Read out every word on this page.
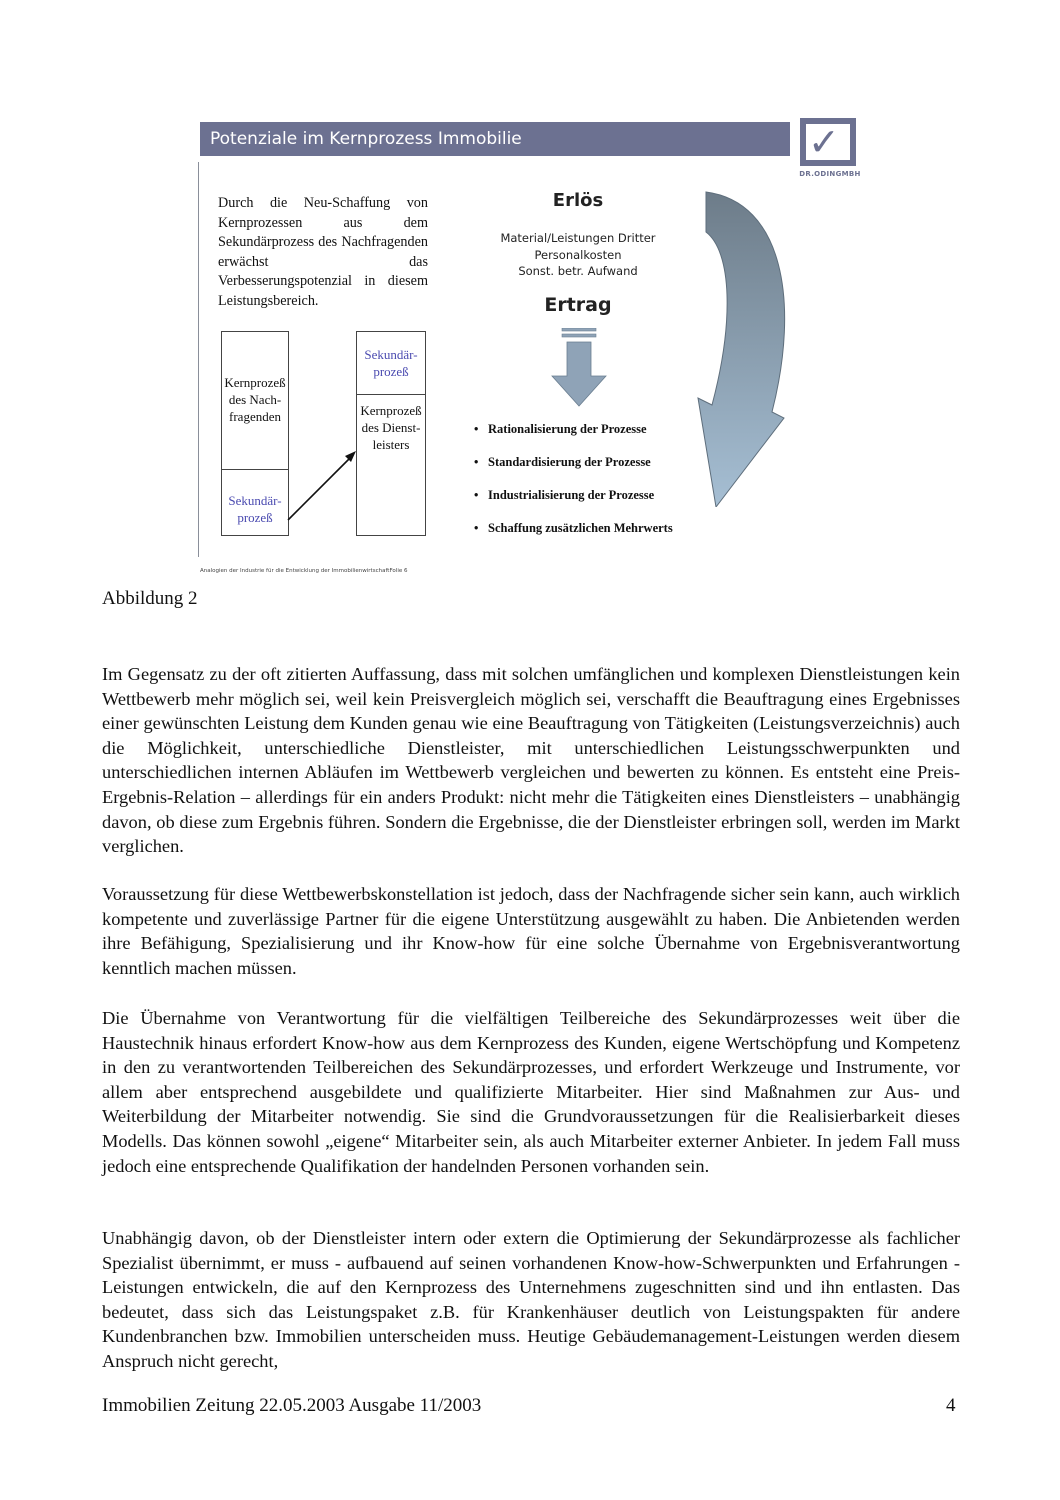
Potenziale im Kernprozess Immobilie	✓
DR.ODINGMBH
Durch die Neu-Schaffung von Kernprozessen aus dem Sekundärprozess des Nachfragenden erwächst das Verbesserungspotenzial in diesem Leistungsbereich.
Erlös
Material/Leistungen Dritter
Personalkosten
Sonst. betr. Aufwand
Ertrag
Kernprozeß des Nach-fragenden
Sekundär-prozeß
Sekundär-prozeß
Kernprozeß des Dienst-leisters
• Rationalisierung der Prozesse
• Standardisierung der Prozesse
• Industrialisierung der Prozesse
• Schaffung zusätzlichen Mehrwerts
Analogien der Industrie für die Entwicklung der ImmobilienwirtschaftFolie 6
Abbildung 2

Im Gegensatz zu der oft zitierten Auffassung, dass mit solchen umfänglichen und komplexen Dienstleistungen kein Wettbewerb mehr möglich sei, weil kein Preisvergleich möglich sei, verschafft die Beauftragung eines Ergebnisses einer gewünschten Leistung dem Kunden genau wie eine Beauftragung von Tätigkeiten (Leistungsverzeichnis) auch die Möglichkeit, unterschiedliche Dienstleister, mit unterschiedlichen Leistungsschwerpunkten und unterschiedlichen internen Abläufen im Wettbewerb vergleichen und bewerten zu können. Es entsteht eine Preis-Ergebnis-Relation – allerdings für ein anders Produkt: nicht mehr die Tätigkeiten eines Dienstleisters – unabhängig davon, ob diese zum Ergebnis führen. Sondern die Ergebnisse, die der Dienstleister erbringen soll, werden im Markt verglichen.

Voraussetzung für diese Wettbewerbskonstellation ist jedoch, dass der Nachfragende sicher sein kann, auch wirklich kompetente und zuverlässige Partner für die eigene Unterstützung ausgewählt zu haben. Die Anbietenden werden ihre Befähigung, Spezialisierung und ihr Know-how für eine solche Übernahme von Ergebnisverantwortung kenntlich machen müssen.

Die Übernahme von Verantwortung für die vielfältigen Teilbereiche des Sekundärprozesses weit über die Haustechnik hinaus erfordert Know-how aus dem Kernprozess des Kunden, eigene Wertschöpfung und Kompetenz in den zu verantwortenden Teilbereichen des Sekundärprozesses, und erfordert Werkzeuge und Instrumente, vor allem aber entsprechend ausgebildete und qualifizierte Mitarbeiter. Hier sind Maßnahmen zur Aus- und Weiterbildung der Mitarbeiter notwendig. Sie sind die Grundvoraussetzungen für die Realisierbarkeit dieses Modells. Das können sowohl „eigene“ Mitarbeiter sein, als auch Mitarbeiter externer Anbieter. In jedem Fall muss jedoch eine entsprechende Qualifikation der handelnden Personen vorhanden sein.

Unabhängig davon, ob der Dienstleister intern oder extern die Optimierung der Sekundärprozesse als fachlicher Spezialist übernimmt, er muss - aufbauend auf seinen vorhandenen Know-how-Schwerpunkten und Erfahrungen - Leistungen entwickeln, die auf den Kernprozess des Unternehmens zugeschnitten sind und ihn entlasten. Das bedeutet, dass sich das Leistungspaket z.B. für Krankenhäuser deutlich von Leistungspakten für andere Kundenbranchen bzw. Immobilien unterscheiden muss. Heutige Gebäudemanagement-Leistungen werden diesem Anspruch nicht gerecht,

Immobilien Zeitung 22.05.2003 Ausgabe 11/2003	4
